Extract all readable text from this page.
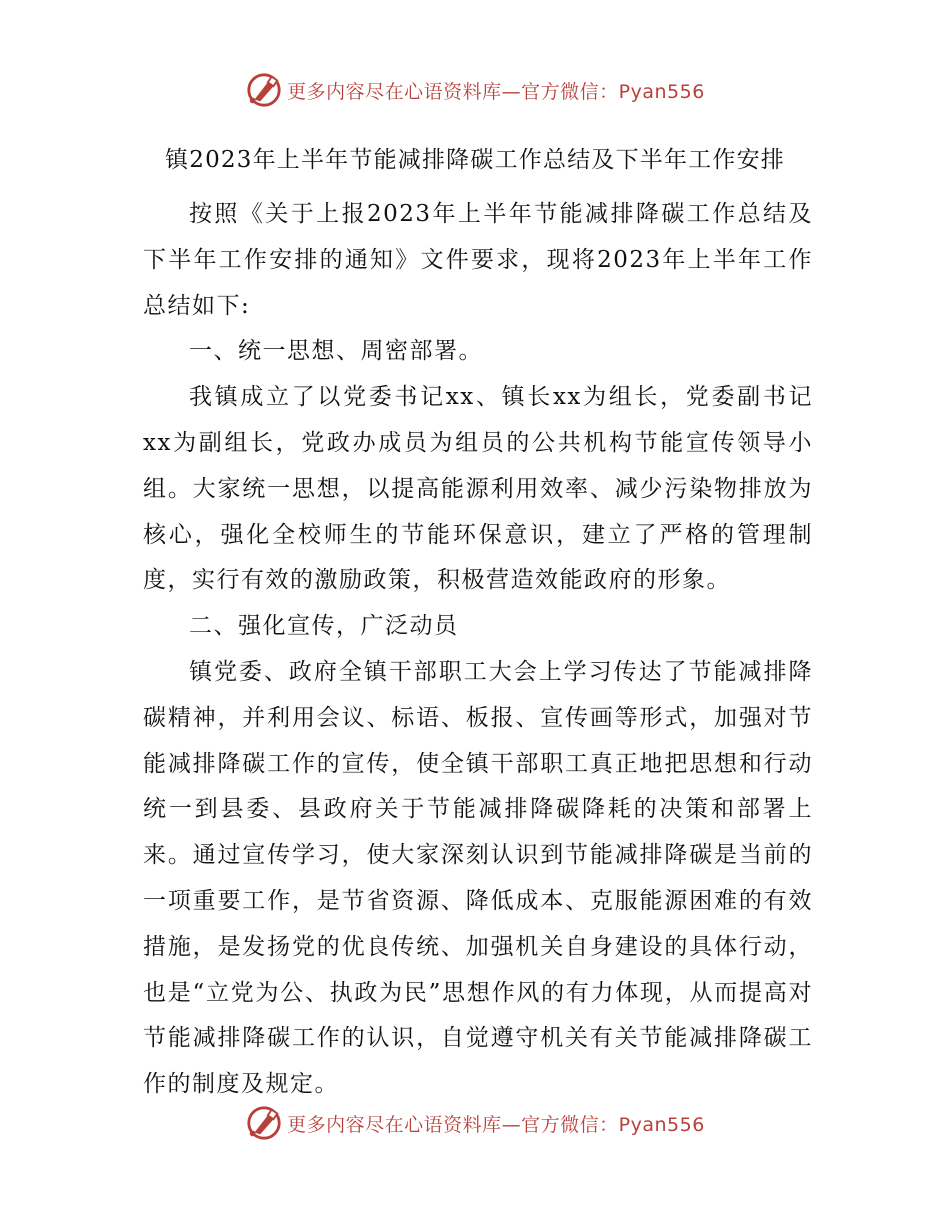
更多内容尽在心语资料库—官方微信：Pyan556
镇2023年上半年节能减排降碳工作总结及下半年工作安排

按照《关于上报2023年上半年节能减排降碳工作总结及下半年工作安排的通知》文件要求，现将2023年上半年工作总结如下:

一、统一思想、周密部署。

我镇成立了以党委书记xx、镇长xx为组长，党委副书记xx为副组长，党政办成员为组员的公共机构节能宣传领导小组。大家统一思想，以提高能源利用效率、减少污染物排放为核心，强化全校师生的节能环保意识，建立了严格的管理制度，实行有效的激励政策，积极营造效能政府的形象。

二、强化宣传，广泛动员

镇党委、政府全镇干部职工大会上学习传达了节能减排降碳精神，并利用会议、标语、板报、宣传画等形式，加强对节能减排降碳工作的宣传，使全镇干部职工真正地把思想和行动统一到县委、县政府关于节能减排降碳降耗的决策和部署上来。通过宣传学习，使大家深刻认识到节能减排降碳是当前的一项重要工作，是节省资源、降低成本、克服能源困难的有效措施，是发扬党的优良传统、加强机关自身建设的具体行动，也是“立党为公、执政为民”思想作风的有力体现，从而提高对节能减排降碳工作的认识，自觉遵守机关有关节能减排降碳工作的制度及规定。

更多内容尽在心语资料库—官方微信：Pyan556
